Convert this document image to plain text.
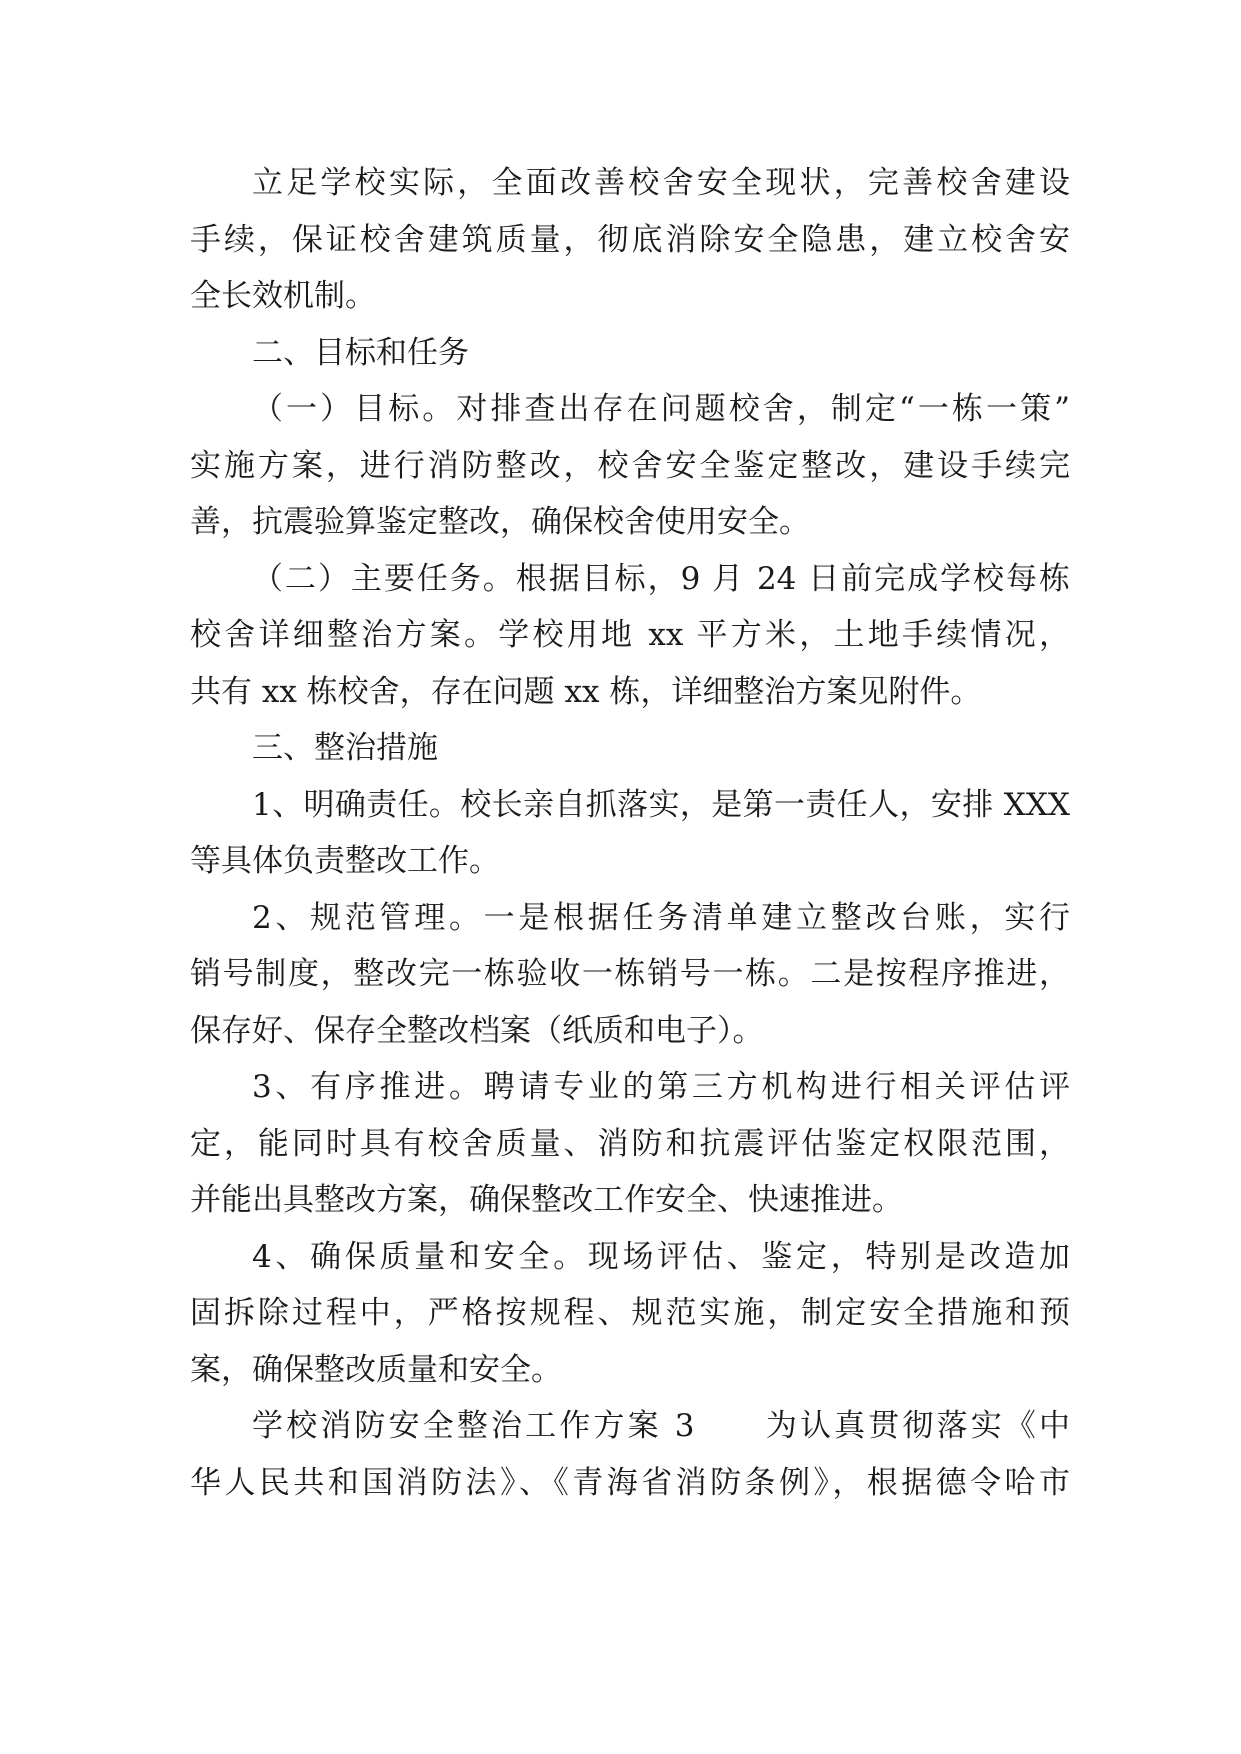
立足学校实际，全面改善校舍安全现状，完善校舍建设
手续，保证校舍建筑质量，彻底消除安全隐患，建立校舍安
全长效机制。
二、目标和任务
（一）目标。对排查出存在问题校舍，制定“一栋一策”
实施方案，进行消防整改，校舍安全鉴定整改，建设手续完
善，抗震验算鉴定整改，确保校舍使用安全。
（二）主要任务。根据目标，9 月 24 日前完成学校每栋
校舍详细整治方案。学校用地 xx 平方米，土地手续情况，
共有 xx 栋校舍，存在问题 xx 栋，详细整治方案见附件。
三、整治措施
1、明确责任。校长亲自抓落实，是第一责任人，安排 XXX
等具体负责整改工作。
2、规范管理。一是根据任务清单建立整改台账，实行
销号制度，整改完一栋验收一栋销号一栋。二是按程序推进，
保存好、保存全整改档案（纸质和电子）。
3、有序推进。聘请专业的第三方机构进行相关评估评
定，能同时具有校舍质量、消防和抗震评估鉴定权限范围，
并能出具整改方案，确保整改工作安全、快速推进。
4、确保质量和安全。现场评估、鉴定，特别是改造加
固拆除过程中，严格按规程、规范实施，制定安全措施和预
案，确保整改质量和安全。
学校消防安全整治工作方案 3　　为认真贯彻落实《中
华人民共和国消防法》、《青海省消防条例》，根据德令哈市
